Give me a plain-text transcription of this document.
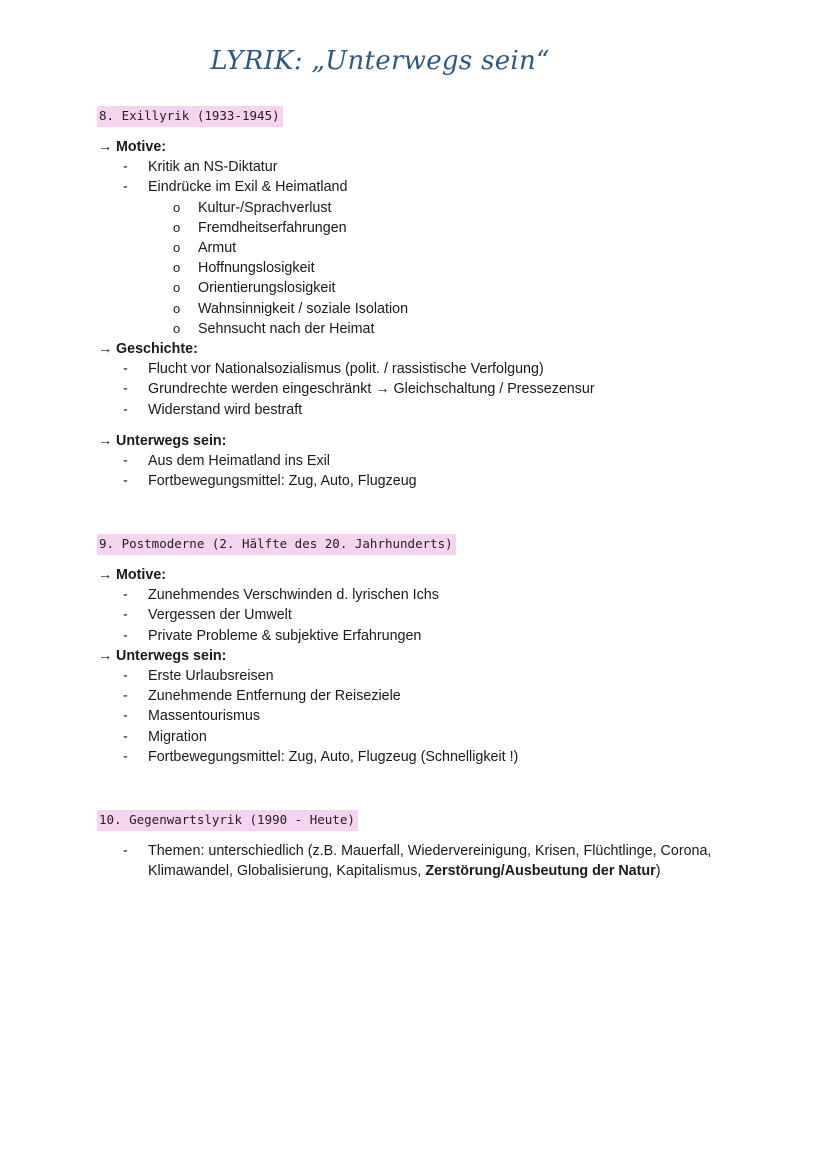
LYRIK: „Unterwegs sein“
8. Exillyrik (1933-1945)

→ Motive:

- Kritik an NS-Diktatur

- Eindrücke im Exil & Heimatland

o Kultur-/Sprachverlust

o Fremdheitserfahrungen

o Armut

o Hoffnungslosigkeit

o Orientierungslosigkeit

o Wahnsinnigkeit / soziale Isolation

o Sehnsucht nach der Heimat

→ Geschichte:

- Flucht vor Nationalsozialismus (polit. / rassistische Verfolgung)

- Grundrechte werden eingeschränkt → Gleichschaltung / Pressezensur

- Widerstand wird bestraft

→ Unterwegs sein:

- Aus dem Heimatland ins Exil

- Fortbewegungsmittel: Zug, Auto, Flugzeug

9. Postmoderne (2. Hälfte des 20. Jahrhunderts)

→ Motive:

- Zunehmendes Verschwinden d. lyrischen Ichs

- Vergessen der Umwelt

- Private Probleme & subjektive Erfahrungen

→ Unterwegs sein:

- Erste Urlaubsreisen

- Zunehmende Entfernung der Reiseziele

- Massentourismus

- Migration

- Fortbewegungsmittel: Zug, Auto, Flugzeug (Schnelligkeit !)

10. Gegenwartslyrik (1990 - Heute)

- Themen: unterschiedlich (z.B. Mauerfall, Wiedervereinigung, Krisen, Flüchtlinge, Corona, Klimawandel, Globalisierung, Kapitalismus, Zerstörung/Ausbeutung der Natur)
